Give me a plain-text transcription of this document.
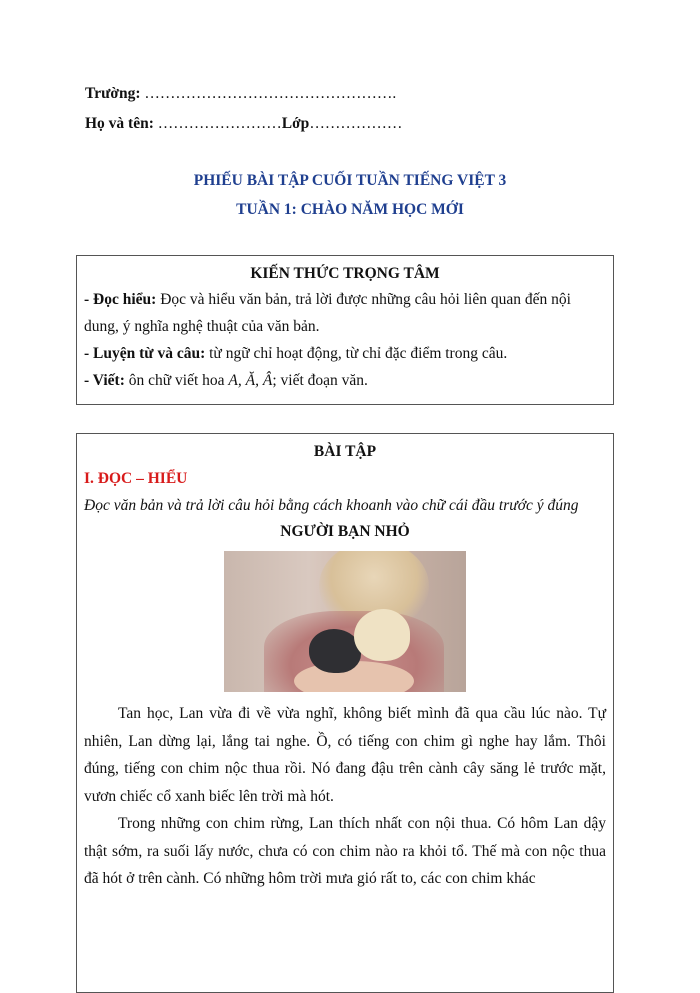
Trường: ………………………………………….
Họ và tên: ……………………Lớp………………
PHIẾU BÀI TẬP CUỐI TUẦN TIẾNG VIỆT 3
TUẦN 1: CHÀO NĂM HỌC MỚI
KIẾN THỨC TRỌNG TÂM

- Đọc hiểu: Đọc và hiểu văn bản, trả lời được những câu hỏi liên quan đến nội dung, ý nghĩa nghệ thuật của văn bản.

- Luyện từ và câu: từ ngữ chỉ hoạt động, từ chỉ đặc điểm trong câu.

- Viết: ôn chữ viết hoa A, Ă, Â; viết đoạn văn.

BÀI TẬP
I. ĐỌC – HIỂU
Đọc văn bản và trả lời câu hỏi bằng cách khoanh vào chữ cái đầu trước ý đúng
NGƯỜI BẠN NHỎ

Tan học, Lan vừa đi về vừa nghĩ, không biết mình đã qua cầu lúc nào. Tự nhiên, Lan dừng lại, lắng tai nghe. Ồ, có tiếng con chim gì nghe hay lắm. Thôi đúng, tiếng con chim nộc thua rồi. Nó đang đậu trên cành cây săng lẻ trước mặt, vươn chiếc cổ xanh biếc lên trời mà hót.

Trong những con chim rừng, Lan thích nhất con nội thua. Có hôm Lan dậy thật sớm, ra suối lấy nước, chưa có con chim nào ra khỏi tổ. Thế mà con nộc thua đã hót ở trên cành. Có những hôm trời mưa gió rất to, các con chim khác
